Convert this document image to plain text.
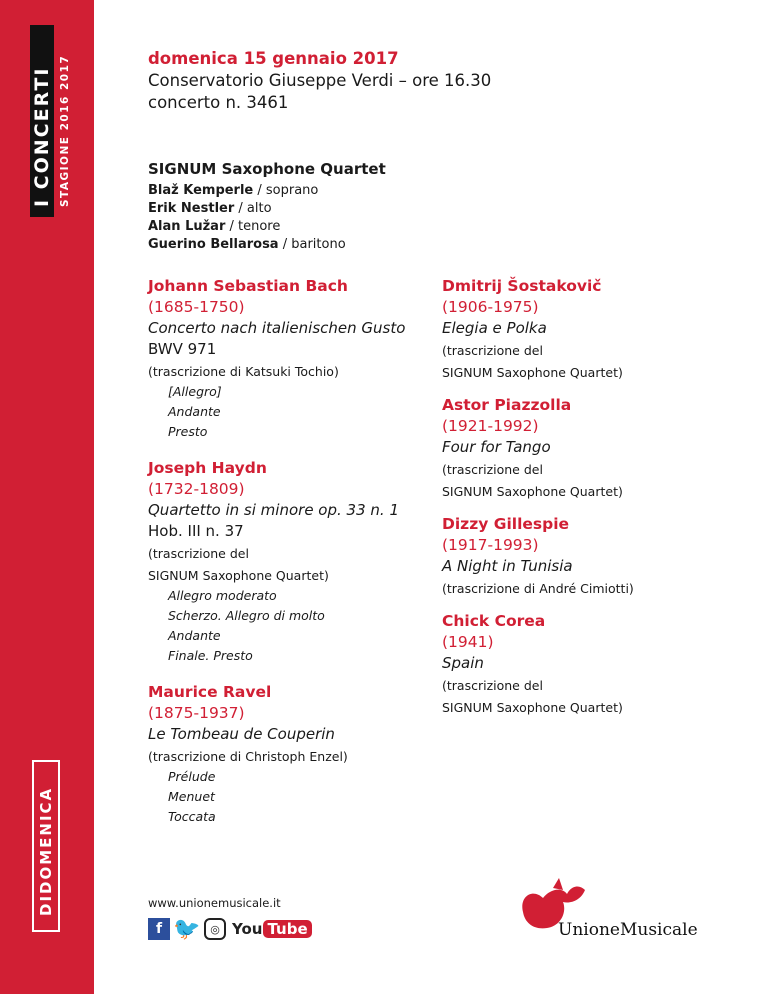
I CONCERTI STAGIONE 2016 2017
DIDOMENICA
domenica 15 gennaio 2017
Conservatorio Giuseppe Verdi – ore 16.30
concerto n. 3461
SIGNUM Saxophone Quartet
Blaž Kemperle / soprano
Erik Nestler / alto
Alan Lužar / tenore
Guerino Bellarosa / baritono
Johann Sebastian Bach
(1685-1750)
Concerto nach italienischen Gusto
BWV 971
(trascrizione di Katsuki Tochio)
[Allegro]
Andante
Presto
Joseph Haydn
(1732-1809)
Quartetto in si minore op. 33 n. 1
Hob. III n. 37
(trascrizione del
SIGNUM Saxophone Quartet)
Allegro moderato
Scherzo. Allegro di molto
Andante
Finale. Presto
Maurice Ravel
(1875-1937)
Le Tombeau de Couperin
(trascrizione di Christoph Enzel)
Prélude
Menuet
Toccata
Dmitrij Šostakovič
(1906-1975)
Elegia e Polka
(trascrizione del
SIGNUM Saxophone Quartet)
Astor Piazzolla
(1921-1992)
Four for Tango
(trascrizione del
SIGNUM Saxophone Quartet)
Dizzy Gillespie
(1917-1993)
A Night in Tunisia
(trascrizione di André Cimiotti)
Chick Corea
(1941)
Spain
(trascrizione del
SIGNUM Saxophone Quartet)
www.unionemusicale.it
f 🐦 ◎ You Tube	UnioneMusicale
